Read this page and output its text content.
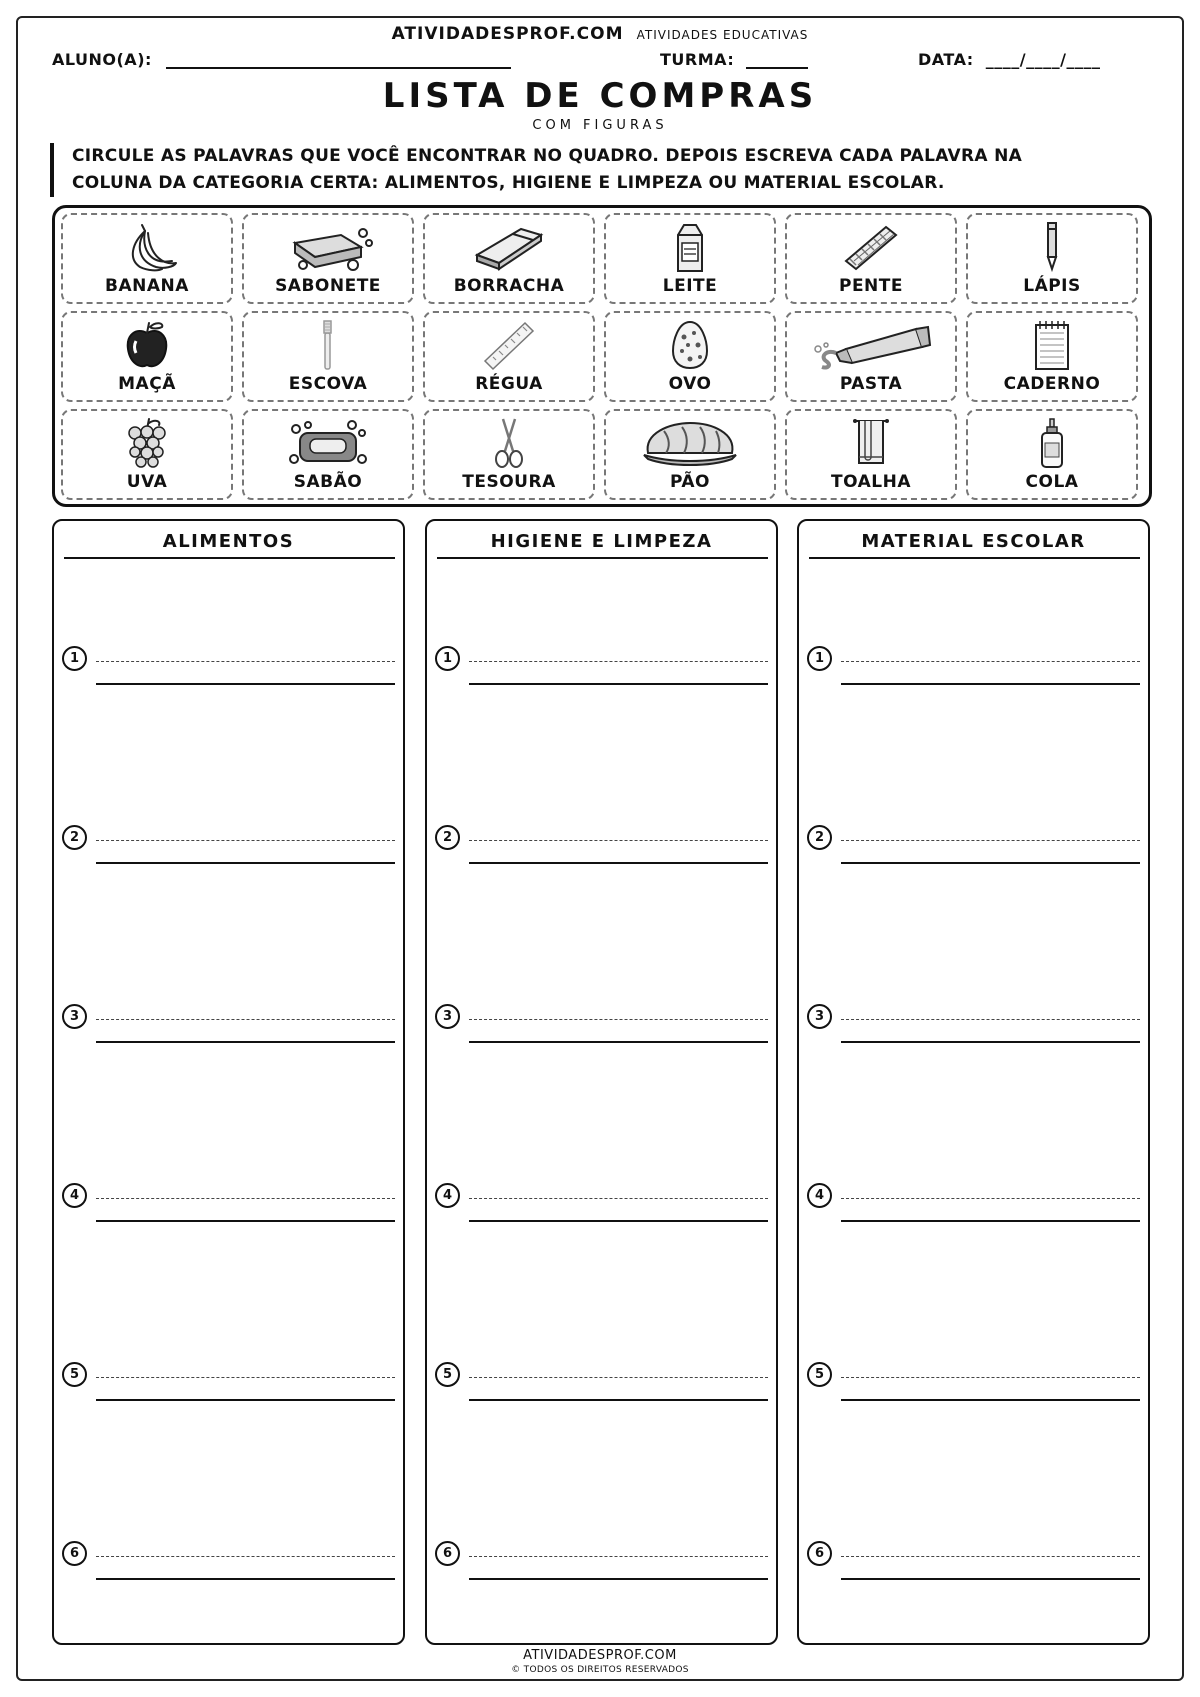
ATIVIDADESPROF.COM ATIVIDADES EDUCATIVAS
ALUNO(A):	TURMA:	DATA: ____/____/____
LISTA DE COMPRAS
COM FIGURAS
CIRCULE AS PALAVRAS QUE VOCÊ ENCONTRAR NO QUADRO. DEPOIS ESCREVA CADA PALAVRA NA
COLUNA DA CATEGORIA CERTA: ALIMENTOS, HIGIENE E LIMPEZA OU MATERIAL ESCOLAR.
BANANA	SABONETE	BORRACHA	LEITE	PENTE	LÁPIS
MAÇÃ	ESCOVA	RÉGUA	OVO	PASTA	CADERNO
UVA	SABÃO	TESOURA	PÃO	TOALHA	COLA
ALIMENTOS
1
2
3
4
5
6
HIGIENE E LIMPEZA
1
2
3
4
5
6
MATERIAL ESCOLAR
1
2
3
4
5
6
ATIVIDADESPROF.COM
© TODOS OS DIREITOS RESERVADOS
